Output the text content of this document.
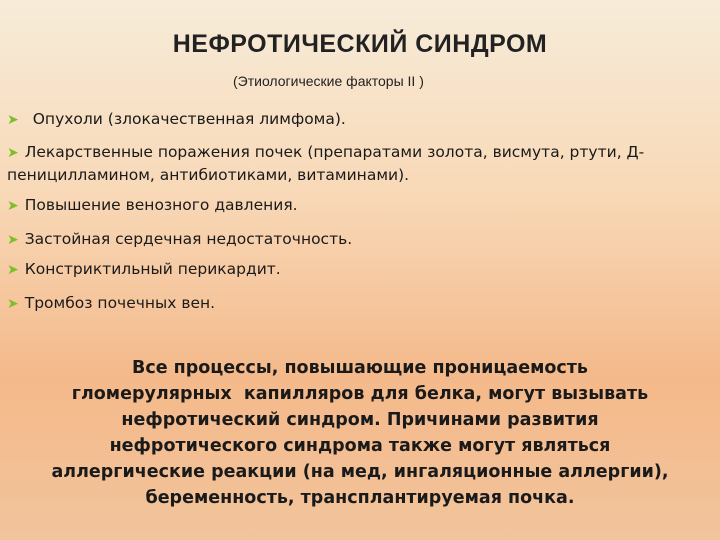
НЕФРОТИЧЕСКИЙ СИНДРОМ
(Этиологические факторы II )
➤ Опухоли (злокачественная лимфома).
➤ Лекарственные поражения почек (препаратами золота, висмута, ртути, Д-пеницилламином, антибиотиками, витаминами).
➤ Повышение венозного давления.
➤ Застойная сердечная недостаточность.
➤ Констриктильный перикардит.
➤ Тромбоз почечных вен.
Все процессы, повышающие проницаемость
гломерулярных  капилляров для белка, могут вызывать
нефротический синдром. Причинами развития
нефротического синдрома также могут являться
аллергические реакции (на мед, ингаляционные аллергии),
беременность, трансплантируемая почка.
